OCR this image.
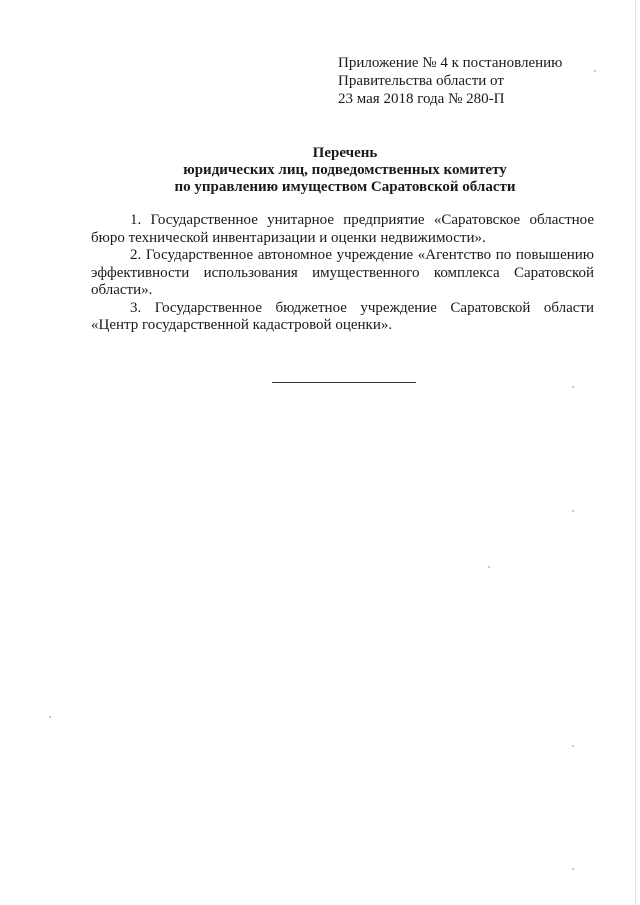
Приложение № 4 к постановлению
Правительства области от
23 мая 2018 года № 280-П
Перечень
юридических лиц, подведомственных комитету
по управлению имуществом Саратовской области

1. Государственное унитарное предприятие «Саратовское областное бюро технической инвентаризации и оценки недвижимости».

2. Государственное автономное учреждение «Агентство по повышению эффективности использования имущественного комплекса Саратовской области».

3. Государственное бюджетное учреждение Саратовской области «Центр государственной кадастровой оценки».
